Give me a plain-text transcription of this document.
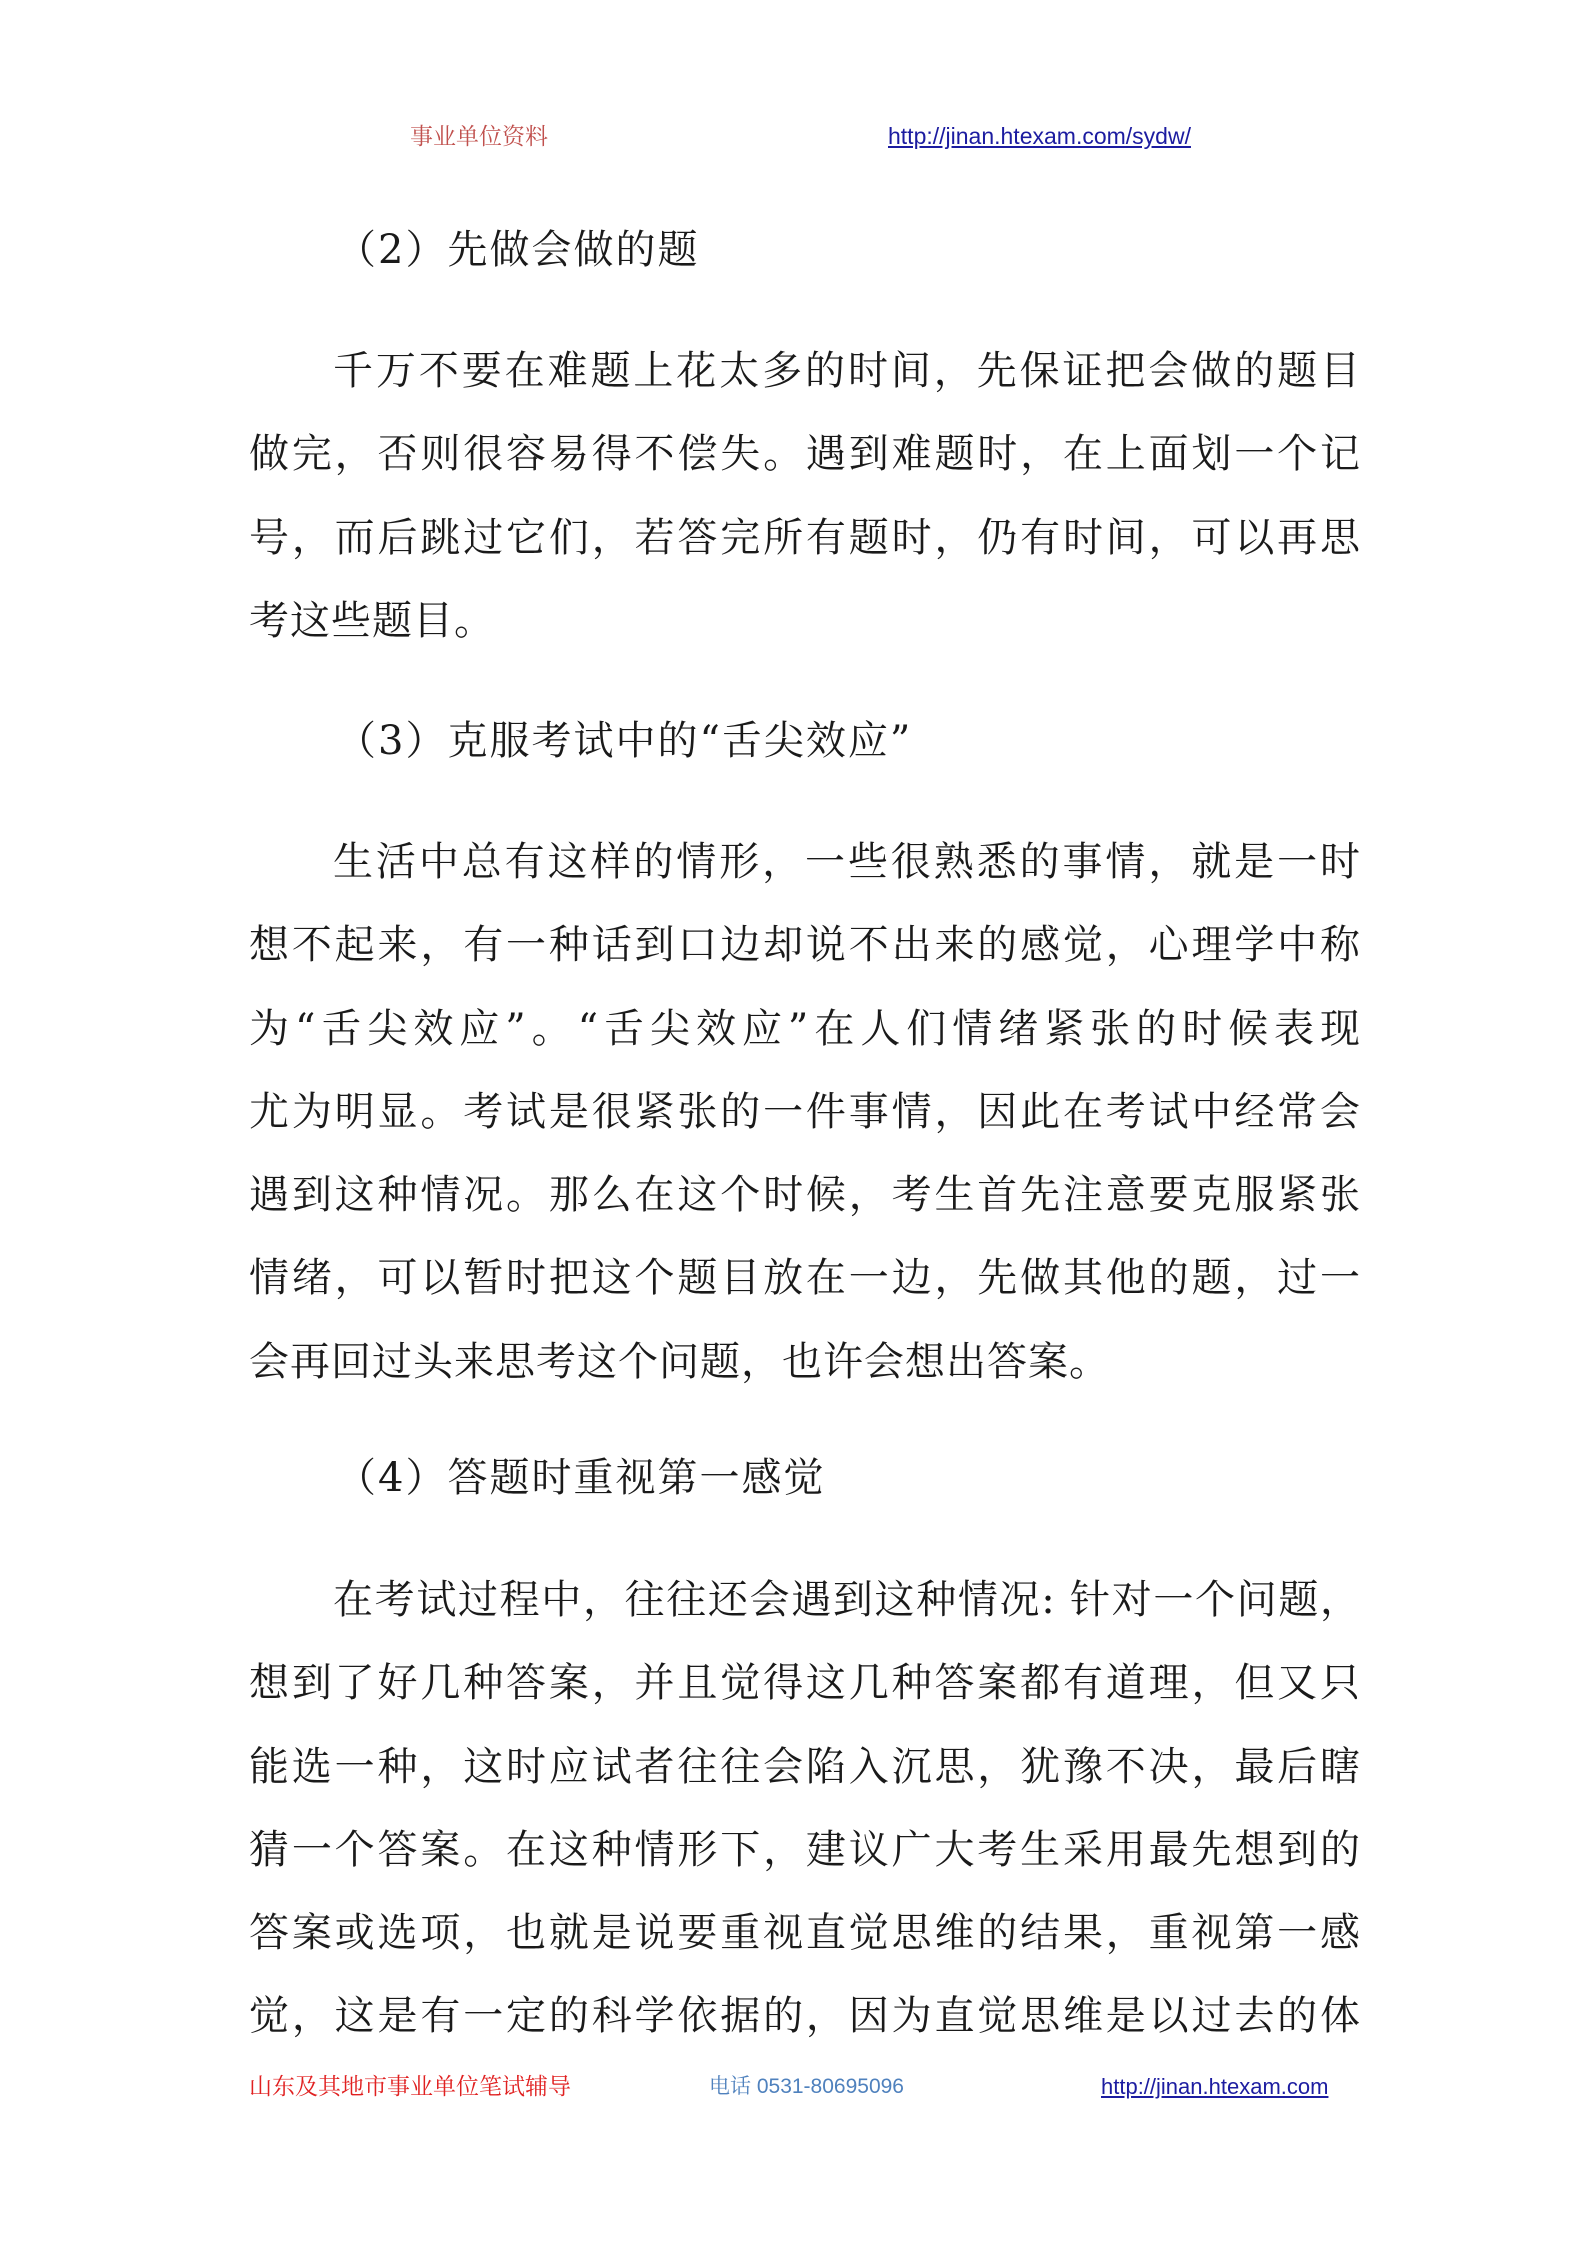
事业单位资料	http://jinan.htexam.com/sydw/
（2）先做会做的题
千万不要在难题上花太多的时间，先保证把会做的题目
做完，否则很容易得不偿失。遇到难题时，在上面划一个记
号，而后跳过它们，若答完所有题时，仍有时间，可以再思
考这些题目。
（3）克服考试中的“舌尖效应”
生活中总有这样的情形，一些很熟悉的事情，就是一时
想不起来，有一种话到口边却说不出来的感觉，心理学中称
为“舌尖效应”。“舌尖效应”在人们情绪紧张的时候表现
尤为明显。考试是很紧张的一件事情，因此在考试中经常会
遇到这种情况。那么在这个时候，考生首先注意要克服紧张
情绪，可以暂时把这个题目放在一边，先做其他的题，过一
会再回过头来思考这个问题，也许会想出答案。
（4）答题时重视第一感觉
在考试过程中，往往还会遇到这种情况: 针对一个问题，
想到了好几种答案，并且觉得这几种答案都有道理，但又只
能选一种，这时应试者往往会陷入沉思，犹豫不决，最后瞎
猜一个答案。在这种情形下，建议广大考生采用最先想到的
答案或选项，也就是说要重视直觉思维的结果，重视第一感
觉，这是有一定的科学依据的，因为直觉思维是以过去的体
山东及其地市事业单位笔试辅导	电话 0531-80695096	http://jinan.htexam.com
